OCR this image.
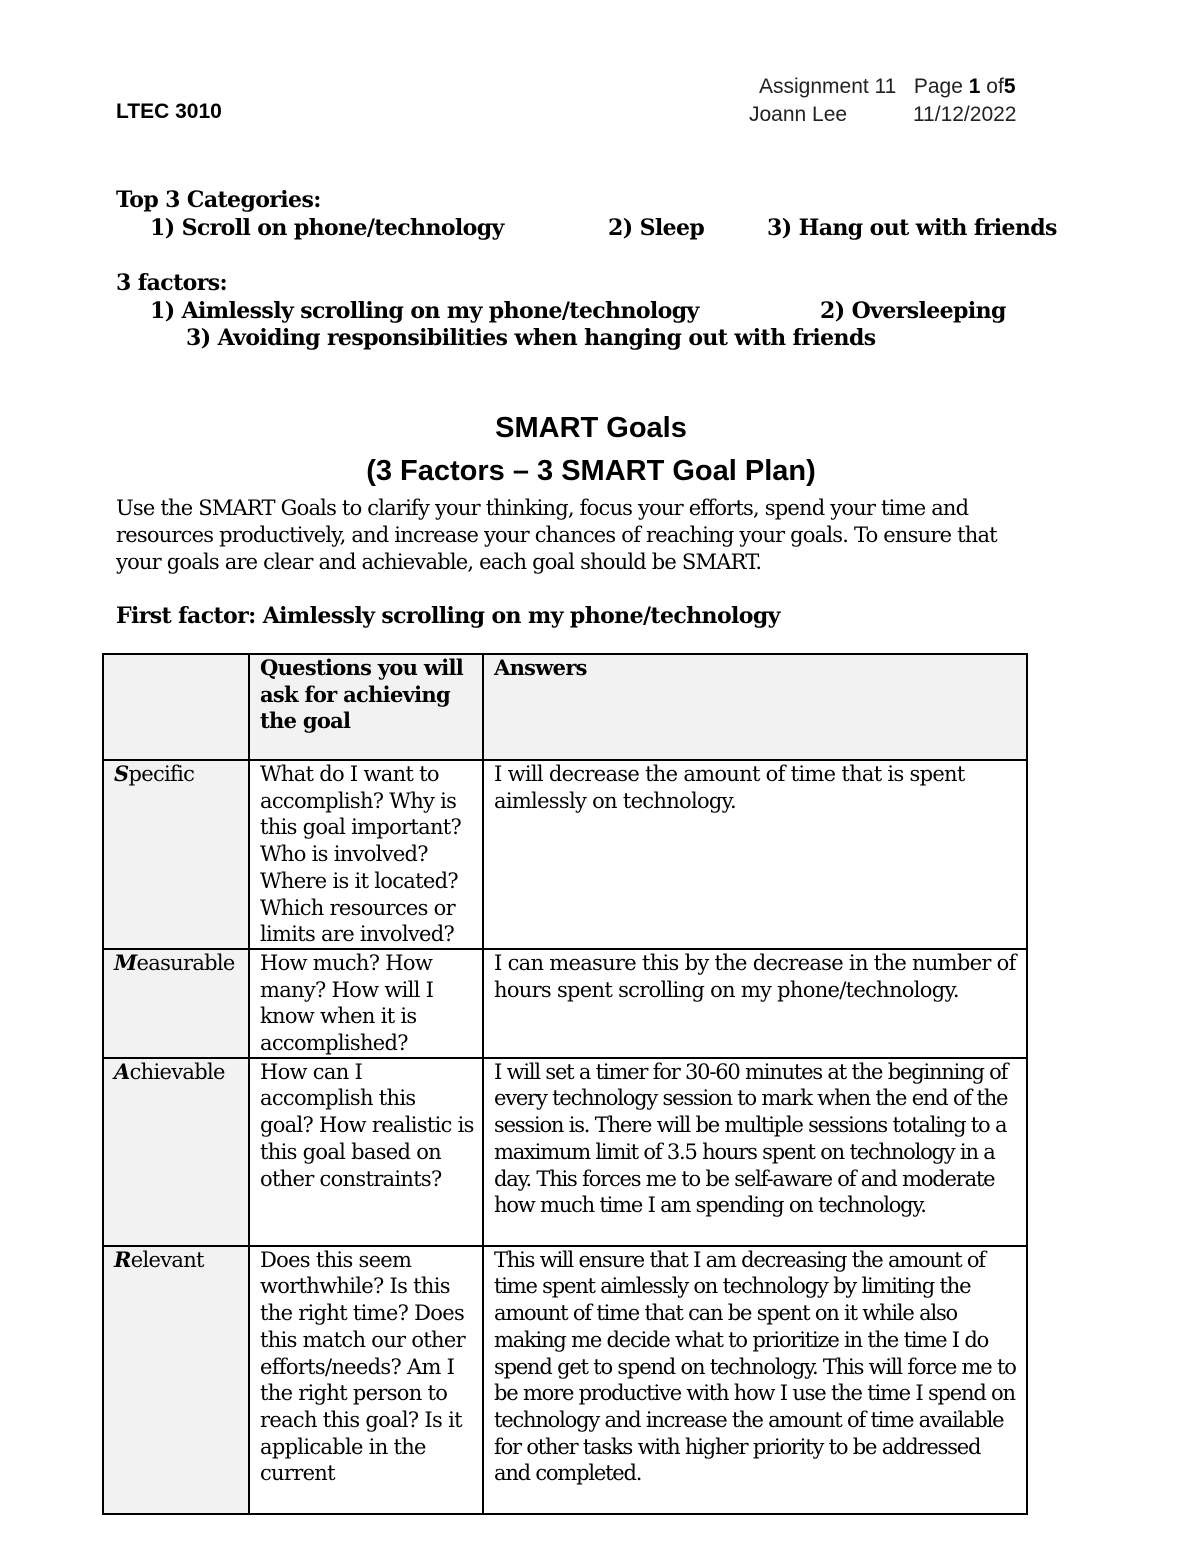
LTEC 3010
Assignment 11 Page 1 of5
Joann Lee	11/12/2022
Top 3 Categories:
1) Scroll on phone/technology	2) Sleep	3) Hang out with friends
3 factors:
1) Aimlessly scrolling on my phone/technology	2) Oversleeping
3) Avoiding responsibilities when hanging out with friends
SMART Goals
(3 Factors – 3 SMART Goal Plan)
Use the SMART Goals to clarify your thinking, focus your efforts, spend your time and resources productively, and increase your chances of reaching your goals. To ensure that your goals are clear and achievable, each goal should be SMART.
First factor: Aimlessly scrolling on my phone/technology
	Questions you will ask for achieving the goal	Answers
Specific	What do I want to accomplish? Why is this goal important? Who is involved? Where is it located? Which resources or limits are involved?	I will decrease the amount of time that is spent aimlessly on technology.
Measurable	How much? How many? How will I know when it is accomplished?	I can measure this by the decrease in the number of hours spent scrolling on my phone/technology.
Achievable	How can I accomplish this goal? How realistic is this goal based on other constraints?	I will set a timer for 30-60 minutes at the beginning of every technology session to mark when the end of the session is. There will be multiple sessions totaling to a maximum limit of 3.5 hours spent on technology in a day. This forces me to be self-aware of and moderate how much time I am spending on technology.
Relevant	Does this seem worthwhile? Is this the right time? Does this match our other efforts/needs? Am I the right person to reach this goal? Is it applicable in the current	This will ensure that I am decreasing the amount of time spent aimlessly on technology by limiting the amount of time that can be spent on it while also making me decide what to prioritize in the time I do spend get to spend on technology. This will force me to be more productive with how I use the time I spend on technology and increase the amount of time available for other tasks with higher priority to be addressed and completed.
